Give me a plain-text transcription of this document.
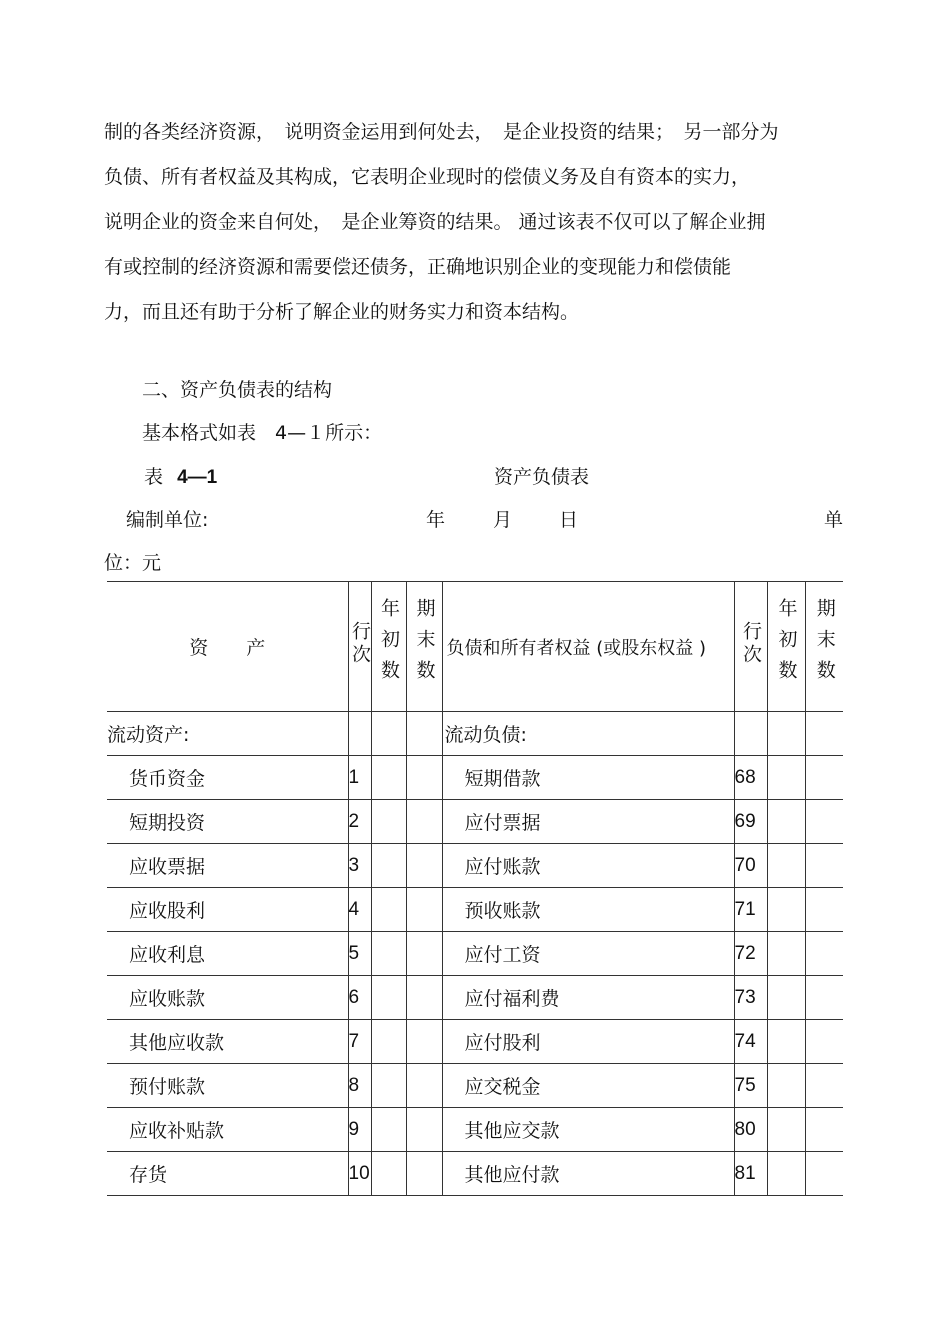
制的各类经济资源，　说明资金运用到何处去，　是企业投资的结果；　另一部分为
负债、所有者权益及其构成，它表明企业现时的偿债义务及自有资本的实力，
说明企业的资金来自何处，　是企业筹资的结果。 通过该表不仅可以了解企业拥
有或控制的经济资源和需要偿还债务，正确地识别企业的变现能力和偿债能
力，而且还有助于分析了解企业的财务实力和资本结构。
二、资产负债表的结构
基本格式如表　4—１所示：
表 4—1	资产负债表
编制单位:	年	月 日	单
位：元
资　　产	行次	年初数	期末数	负债和所有者权益 (或股东权益 )	行次	年初数	期末数
流动资产:				流动负债:			
货币资金	1			短期借款	68		
短期投资	2			应付票据	69		
应收票据	3			应付账款	70		
应收股利	4			预收账款	71		
应收利息	5			应付工资	72		
应收账款	6			应付福利费	73		
其他应收款	7			应付股利	74		
预付账款	8			应交税金	75		
应收补贴款	9			其他应交款	80		
存货	10			其他应付款	81		
